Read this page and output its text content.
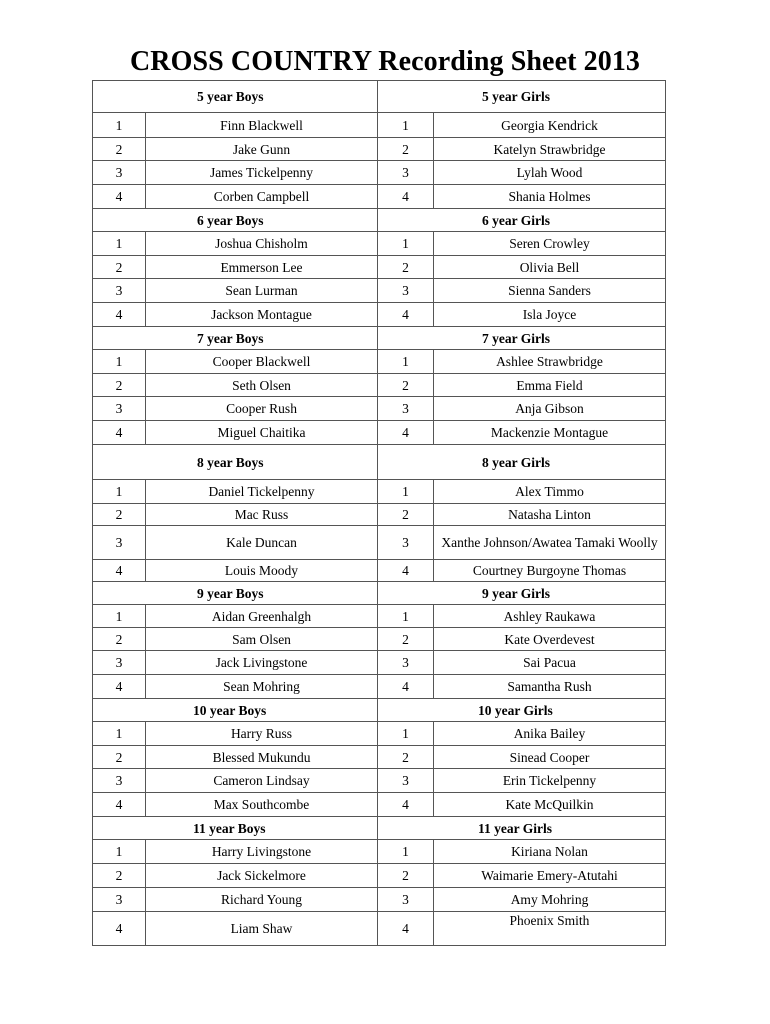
CROSS COUNTRY Recording Sheet 2013
5 year Boys		5 year Girls	
1	Finn Blackwell	1	Georgia Kendrick
2	Jake Gunn	2	Katelyn Strawbridge
3	James Tickelpenny	3	Lylah Wood
4	Corben Campbell	4	Shania Holmes
6 year Boys		6 year Girls	
1	Joshua Chisholm	1	Seren Crowley
2	Emmerson Lee	2	Olivia Bell
3	Sean Lurman	3	Sienna Sanders
4	Jackson Montague	4	Isla Joyce
7 year Boys		7 year Girls	
1	Cooper Blackwell	1	Ashlee Strawbridge
2	Seth Olsen	2	Emma Field
3	Cooper Rush	3	Anja Gibson
4	Miguel Chaitika	4	Mackenzie Montague
8 year Boys		8 year Girls	
1	Daniel Tickelpenny	1	Alex Timmo
2	Mac Russ	2	Natasha Linton
3	Kale Duncan	3	Xanthe Johnson/Awatea Tamaki Woolly
4	Louis Moody	4	Courtney Burgoyne Thomas
9 year Boys		9 year Girls	
1	Aidan Greenhalgh	1	Ashley Raukawa
2	Sam Olsen	2	Kate Overdevest
3	Jack Livingstone	3	Sai Pacua
4	Sean Mohring	4	Samantha Rush
10 year Boys		10 year Girls	
1	Harry Russ	1	Anika Bailey
2	Blessed Mukundu	2	Sinead Cooper
3	Cameron Lindsay	3	Erin Tickelpenny
4	Max Southcombe	4	Kate McQuilkin
11 year Boys		11 year Girls	
1	Harry Livingstone	1	Kiriana Nolan
2	Jack Sickelmore	2	Waimarie Emery-Atutahi
3	Richard Young	3	Amy Mohring
4	Liam Shaw	4	Phoenix Smith
